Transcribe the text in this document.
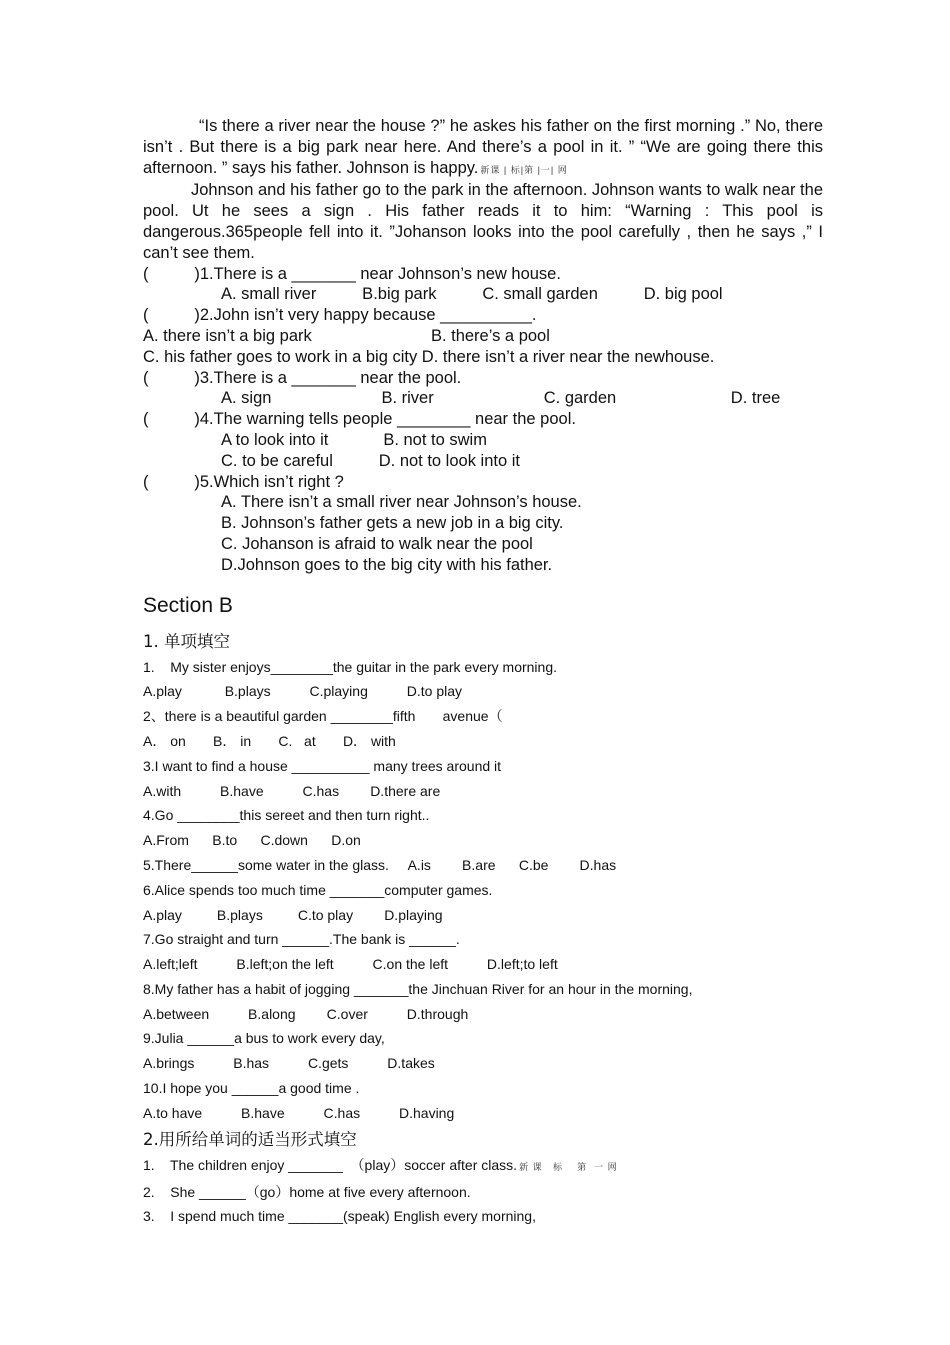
“Is there a river near the house ?” he askes his father on the first morning .” No, there isn’t . But there is a big park near here. And there’s a pool in it. ” “We are going there this afternoon. ” says his father. Johnson is happy. 新课 | 标|第 |一| 网

Johnson and his father go to the park in the afternoon. Johnson wants to walk near the pool. Ut he sees a sign . His father reads it to him: “Warning : This pool is dangerous.365people fell into it. ”Johanson looks into the pool carefully , then he says ,” I can’t see them.

(          )1.There is a _______ near Johnson’s new house.

A. small river          B.big park          C. small garden          D. big pool

(          )2.John isn’t very happy because __________.

A. there isn’t a big park                          B. there’s a pool

C. his father goes to work in a big city D. there isn’t a river near the newhouse.

(          )3.There is a _______ near the pool.

A. sign                        B. river                        C. garden                         D. tree

(          )4.The warning tells people ________ near the pool.

A to look into it            B. not to swim

C. to be careful          D. not to look into it

(          )5.Which isn’t right ?

A. There isn’t a small river near Johnson’s house.

B. Johnson’s father gets a new job in a big city.

C. Johanson is afraid to walk near the pool

D.Johnson goes to the big city with his father.

Section B
1. 单项填空

1.    My sister enjoys________the guitar in the park every morning.

A.play           B.plays          C.playing          D.to play

2、there is a beautiful garden ________fifth       avenue（

A． on       B． in       C.   at       D． with

3.I want to find a house __________ many trees around it

A.with          B.have          C.has        D.there are

4.Go ________this sereet and then turn right..

A.From      B.to      C.down      D.on

5.There______some water in the glass.     A.is        B.are      C.be        D.has

6.Alice spends too much time _______computer games.

A.play         B.plays         C.to play        D.playing

7.Go straight and turn ______.The bank is ______.

A.left;left          B.left;on the left          C.on the left          D.left;to left

8.My father has a habit of jogging _______the Jinchuan River for an hour in the morning,

A.between          B.along        C.over          D.through

9.Julia ______a bus to work every day,

A.brings          B.has          C.gets          D.takes

10.I hope you ______a good time .

A.to have          B.have          C.has          D.having

2.用所给单词的适当形式填空

1.    The children enjoy _______  （play）soccer after class. 新 课   标    第  一 网

2.    She ______（go）home at five every afternoon.

3.    I spend much time _______(speak) English every morning,
